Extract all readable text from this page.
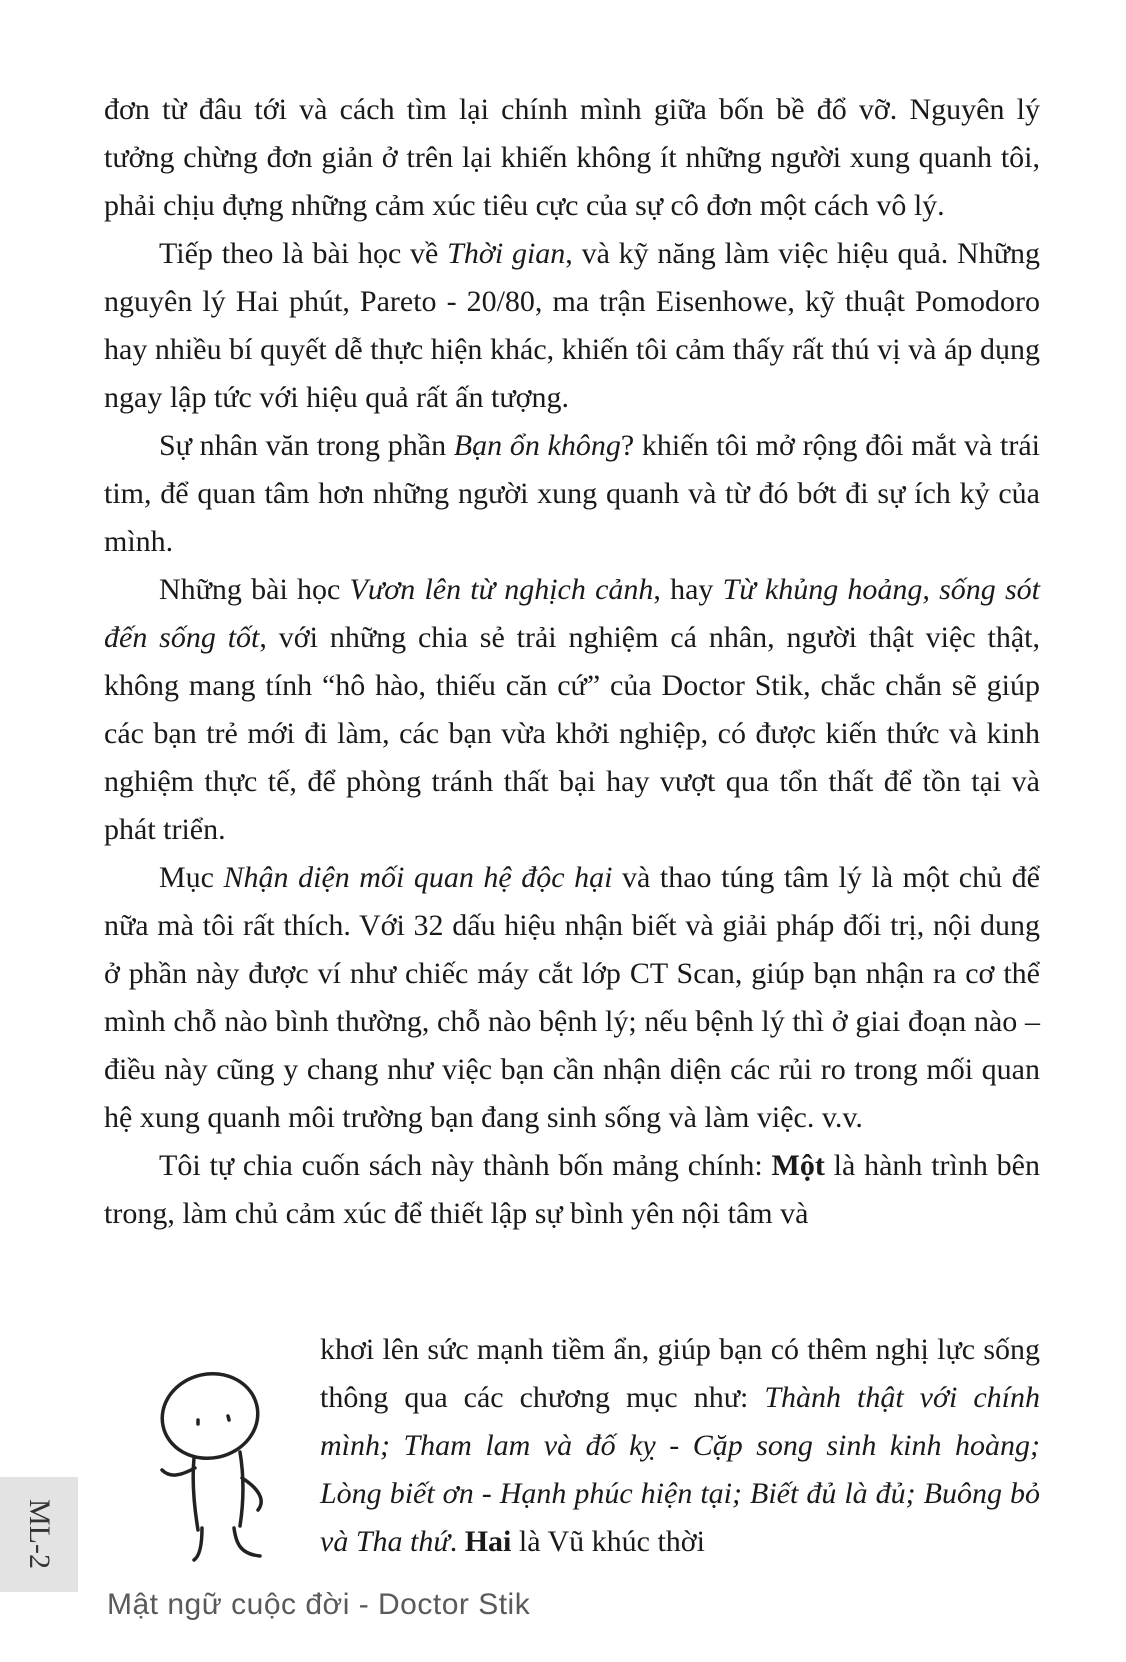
đơn từ đâu tới và cách tìm lại chính mình giữa bốn bề đổ vỡ. Nguyên lý tưởng chừng đơn giản ở trên lại khiến không ít những người xung quanh tôi, phải chịu đựng những cảm xúc tiêu cực của sự cô đơn một cách vô lý.

Tiếp theo là bài học về Thời gian, và kỹ năng làm việc hiệu quả. Những nguyên lý Hai phút, Pareto - 20/80, ma trận Eisenhowe, kỹ thuật Pomodoro hay nhiều bí quyết dễ thực hiện khác, khiến tôi cảm thấy rất thú vị và áp dụng ngay lập tức với hiệu quả rất ấn tượng.

Sự nhân văn trong phần Bạn ổn không? khiến tôi mở rộng đôi mắt và trái tim, để quan tâm hơn những người xung quanh và từ đó bớt đi sự ích kỷ của mình.

Những bài học Vươn lên từ nghịch cảnh, hay Từ khủng hoảng, sống sót đến sống tốt, với những chia sẻ trải nghiệm cá nhân, người thật việc thật, không mang tính “hô hào, thiếu căn cứ” của Doctor Stik, chắc chắn sẽ giúp các bạn trẻ mới đi làm, các bạn vừa khởi nghiệp, có được kiến thức và kinh nghiệm thực tế, để phòng tránh thất bại hay vượt qua tổn thất để tồn tại và phát triển.

Mục Nhận diện mối quan hệ độc hại và thao túng tâm lý là một chủ để nữa mà tôi rất thích. Với 32 dấu hiệu nhận biết và giải pháp đối trị, nội dung ở phần này được ví như chiếc máy cắt lớp CT Scan, giúp bạn nhận ra cơ thể mình chỗ nào bình thường, chỗ nào bệnh lý; nếu bệnh lý thì ở giai đoạn nào – điều này cũng y chang như việc bạn cần nhận diện các rủi ro trong mối quan hệ xung quanh môi trường bạn đang sinh sống và làm việc. v.v.

Tôi tự chia cuốn sách này thành bốn mảng chính: Một là hành trình bên trong, làm chủ cảm xúc để thiết lập sự bình yên nội tâm và

khơi lên sức mạnh tiềm ẩn, giúp bạn có thêm nghị lực sống thông qua các chương mục như: Thành thật với chính mình; Tham lam và đố kỵ - Cặp song sinh kinh hoàng; Lòng biết ơn - Hạnh phúc hiện tại; Biết đủ là đủ; Buông bỏ và Tha thứ. Hai là Vũ khúc thời

ML-2
Mật ngữ cuộc đời - Doctor Stik
